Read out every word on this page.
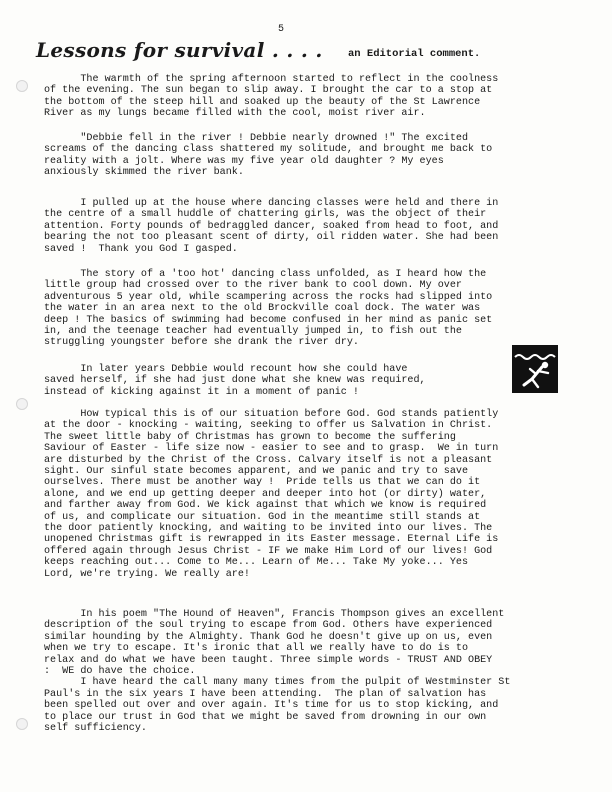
5
Lessons for survival . . . . an Editorial comment.
The warmth of the spring afternoon started to reflect in the coolness
of the evening. The sun began to slip away. I brought the car to a stop at
the bottom of the steep hill and soaked up the beauty of the St Lawrence
River as my lungs became filled with the cool, moist river air.
"Debbie fell in the river ! Debbie nearly drowned !" The excited
screams of the dancing class shattered my solitude, and brought me back to
reality with a jolt. Where was my five year old daughter ? My eyes
anxiously skimmed the river bank.
I pulled up at the house where dancing classes were held and there in
the centre of a small huddle of chattering girls, was the object of their
attention. Forty pounds of bedraggled dancer, soaked from head to foot, and
bearing the not too pleasant scent of dirty, oil ridden water. She had been
saved !  Thank you God I gasped.
The story of a 'too hot' dancing class unfolded, as I heard how the
little group had crossed over to the river bank to cool down. My over
adventurous 5 year old, while scampering across the rocks had slipped into
the water in an area next to the old Brockville coal dock. The water was
deep ! The basics of swimming had become confused in her mind as panic set
in, and the teenage teacher had eventually jumped in, to fish out the
struggling youngster before she drank the river dry.
In later years Debbie would recount how she could have
saved herself, if she had just done what she knew was required,
instead of kicking against it in a moment of panic !
How typical this is of our situation before God. God stands patiently
at the door - knocking - waiting, seeking to offer us Salvation in Christ.
The sweet little baby of Christmas has grown to become the suffering
Saviour of Easter - life size now - easier to see and to grasp.  We in turn
are disturbed by the Christ of the Cross. Calvary itself is not a pleasant
sight. Our sinful state becomes apparent, and we panic and try to save
ourselves. There must be another way !  Pride tells us that we can do it
alone, and we end up getting deeper and deeper into hot (or dirty) water,
and farther away from God. We kick against that which we know is required
of us, and complicate our situation. God in the meantime still stands at
the door patiently knocking, and waiting to be invited into our lives. The
unopened Christmas gift is rewrapped in its Easter message. Eternal Life is
offered again through Jesus Christ - IF we make Him Lord of our lives! God
keeps reaching out... Come to Me... Learn of Me... Take My yoke... Yes
Lord, we're trying. We really are!
In his poem "The Hound of Heaven", Francis Thompson gives an excellent
description of the soul trying to escape from God. Others have experienced
similar hounding by the Almighty. Thank God he doesn't give up on us, even
when we try to escape. It's ironic that all we really have to do is to
relax and do what we have been taught. Three simple words - TRUST AND OBEY
:  WE do have the choice.
I have heard the call many many times from the pulpit of Westminster St
Paul's in the six years I have been attending.  The plan of salvation has
been spelled out over and over again. It's time for us to stop kicking, and
to place our trust in God that we might be saved from drowning in our own
self sufficiency.
